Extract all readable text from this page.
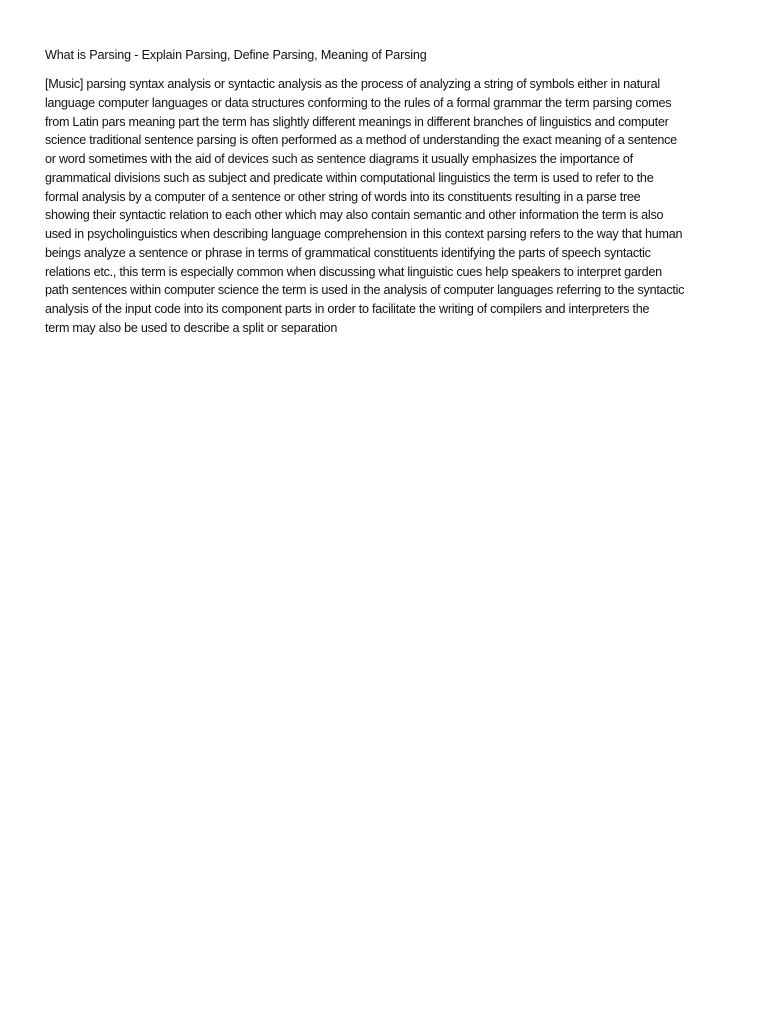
What is Parsing - Explain Parsing, Define Parsing, Meaning of Parsing
[Music] parsing syntax analysis or syntactic analysis as the process of analyzing a string of symbols either in natural
language computer languages or data structures conforming to the rules of a formal grammar the term parsing comes
from Latin pars meaning part the term has slightly different meanings in different branches of linguistics and computer
science traditional sentence parsing is often performed as a method of understanding the exact meaning of a sentence
or word sometimes with the aid of devices such as sentence diagrams it usually emphasizes the importance of
grammatical divisions such as subject and predicate within computational linguistics the term is used to refer to the
formal analysis by a computer of a sentence or other string of words into its constituents resulting in a parse tree
showing their syntactic relation to each other which may also contain semantic and other information the term is also
used in psycholinguistics when describing language comprehension in this context parsing refers to the way that human
beings analyze a sentence or phrase in terms of grammatical constituents identifying the parts of speech syntactic
relations etc., this term is especially common when discussing what linguistic cues help speakers to interpret garden
path sentences within computer science the term is used in the analysis of computer languages referring to the syntactic
analysis of the input code into its component parts in order to facilitate the writing of compilers and interpreters the
term may also be used to describe a split or separation
